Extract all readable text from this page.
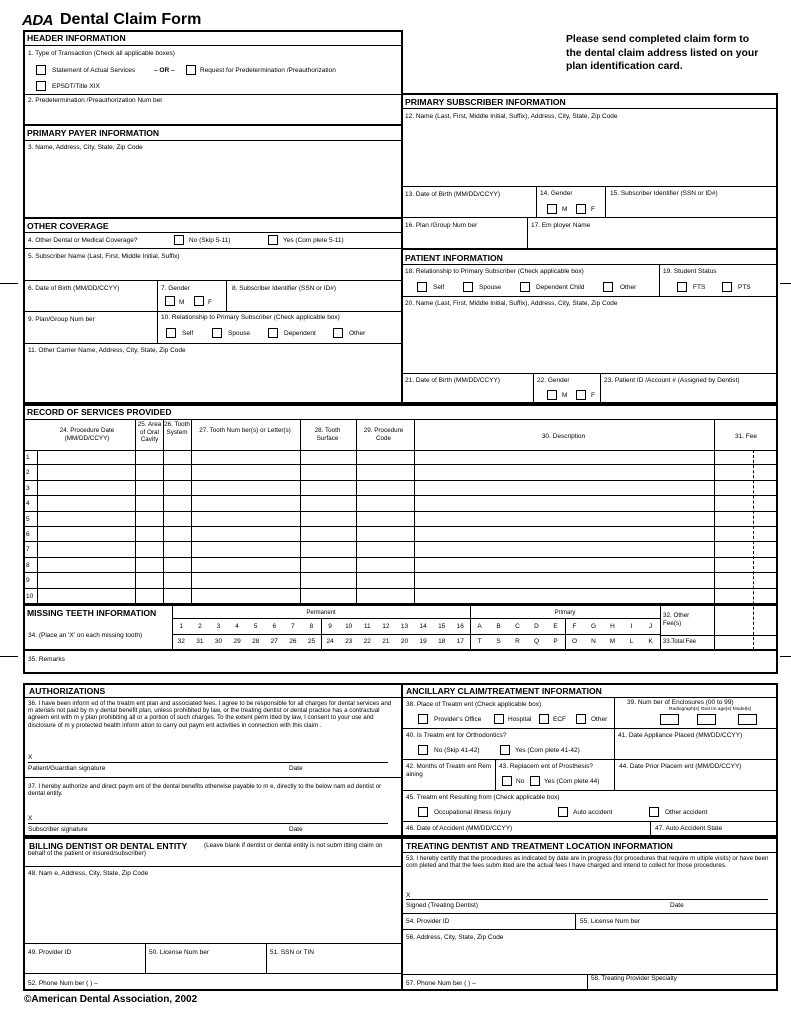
ADA Dental Claim Form
Please send completed claim form to the dental claim address listed on your plan identification card.
HEADER INFORMATION
1. Type of Transaction (Check all applicable boxes)
Statement of Actual Services	– OR –	Request for Predetermination /Preauthorization
EPSDT/Title XIX
2. Predetermination /Preauthorization Num ber
PRIMARY PAYER INFORMATION
3. Name, Address, City, State, Zip Code
OTHER COVERAGE
4. Other Dental or Medical Coverage?	No (Skip 5-11)	Yes (Com plete 5-11)
5. Subscriber Name (Last, First, Middle Initial, Suffix)
6. Date of Birth (MM/DD/CCYY)	7. Gender
M	F
8. Subscriber Identifier (SSN or ID#)
9. Plan/Group Num ber	10. Relationship to Primary Subscriber (Check applicable box)
Self	Spouse	Dependent	Other
11. Other Carrier Name, Address, City, State, Zip Code
PRIMARY SUBSCRIBER INFORMATION
12. Name (Last, First, Middle Initial, Suffix), Address, City, State, Zip Code
13. Date of Birth (MM/DD/CCYY)	14. Gender
M	F
15. Subscriber Identifier (SSN or ID#)
16. Plan /Group Num ber	17. Em ployer Name
PATIENT INFORMATION
18. Relationship to Primary Subscriber (Check applicable box)	19. Student Status
Self	Spouse	Dependent Child	Other	FTS	PTS
20. Name (Last, First, Middle Initial, Suffix), Address, City, State, Zip Code
21. Date of Birth (MM/DD/CCYY)	22. Gender
M	F
23. Patient ID /Account # (Assigned by Dentist)
RECORD OF SERVICES PROVIDED
24. Procedure Date (MM/DD/CCYY)
25. Area of Oral Cavity
26. Tooth System	27. Tooth Num ber(s) or Letter(s)	28. Tooth Surface
29. Procedure Code	30. Description	31. Fee
1
2
3
4
5
6
7
8
9
10
MISSING TEETH INFORMATION
34. (Place an 'X' on each missing tooth)
Permanent	Primary
1	2	3	4	5	6	7	8	9	10	11	12	13	14	15	16
32	31	30	29	28	27	26	25	24	23	22	21	20	19	18	17
A	B	C	D	E	F	G	H	I	J
T	S	R	Q	P	O	N	M	L	K
32. Other Fee(s)
33.Total Fee
35. Remarks
AUTHORIZATIONS
36. I have been inform ed of the treatm ent plan and associated fees. I agree to be responsible for all charges for dental services and m aterials not paid by m y dental benefit plan, unless prohibited by law, or the treating dentist or dental practice has a contractual agreem ent with m y plan prohibiting all or a portion of such charges. To the extent perm itted by law, I consent to your use and disclosure of m y protected health inform ation to carry out paym ent activities in connection with this claim .
X
Patient/Guardian signature	Date
37. I hereby authorize and direct paym ent of the dental benefits otherwise payable to m e, directly to the below nam ed dentist or dental entity.
X
Subscriber signature	Date
ANCILLARY CLAIM/TREATMENT INFORMATION
38. Place of Treatm ent (Check applicable box)
Provider's Office	Hospital	ECF	Other
39. Num ber of Enclosures (00 to 99)
Radiograph(s) Oral Im age(s) Model(s)
40. Is Treatm ent for Orthodontics?
No (Skip 41-42)	Yes (Com plete 41-42)
41. Date Appliance Placed (MM/DD/CCYY)
42. Months of Treatm ent Rem aining
43. Replacem ent of Prosthesis?
No	Yes (Com plete 44)
44. Date Prior Placem ent (MM/DD/CCYY)
45. Treatm ent Resulting from (Check applicable box)
Occupational illness /injury	Auto accident	Other accident
46. Date of Accident (MM/DD/CCYY)	47. Auto Accident State
BILLING DENTIST OR DENTAL ENTITY	(Leave blank if dentist or dental entity is not subm itting claim on behalf of the patient or insured/subscriber)
48. Nam e, Address, City, State, Zip Code
49. Provider ID	50. License Num ber	51. SSN or TIN
52. Phone Num ber ( ) –
TREATING DENTIST AND TREATMENT LOCATION INFORMATION
53. I hereby certify that the procedures as indicated by date are in progress (for procedures that require m ultiple visits) or have been com pleted and that the fees subm itted are the actual fees I have charged and intend to collect for those procedures.
X
Signed (Treating Dentist)	Date
54. Provider ID	55. License Num ber
56. Address, City, State, Zip Code
57. Phone Num ber ( ) –
58. Treating Provider Specialty
©American Dental Association, 2002
